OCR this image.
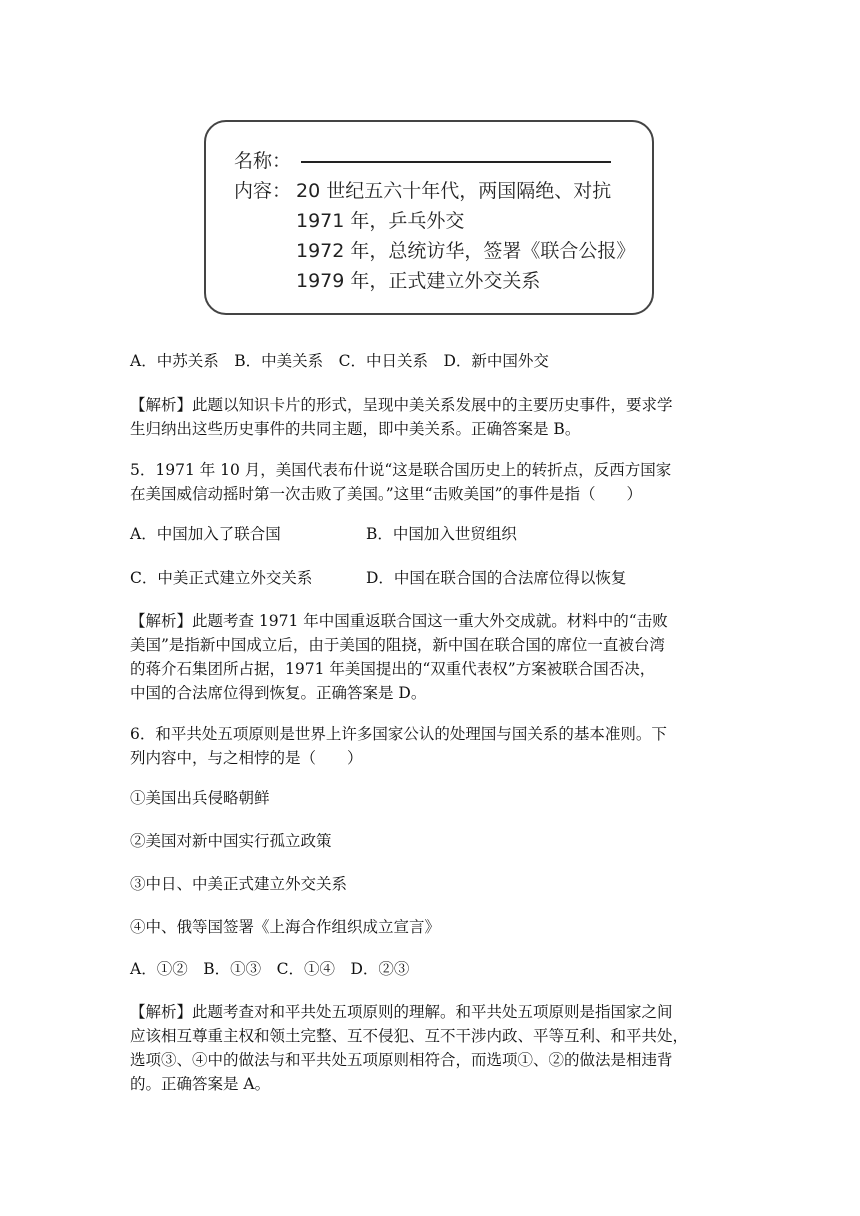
名称：
内容： 20 世纪五六十年代，两国隔绝、对抗
1971 年，乒乓外交
1972 年，总统访华，签署《联合公报》
1979 年，正式建立外交关系
A．中苏关系　B．中美关系　C．中日关系　D．新中国外交
【解析】此题以知识卡片的形式，呈现中美关系发展中的主要历史事件，要求学
生归纳出这些历史事件的共同主题，即中美关系。正确答案是 B。
5．1971 年 10 月，美国代表布什说“这是联合国历史上的转折点，反西方国家
在美国威信动摇时第一次击败了美国。”这里“击败美国”的事件是指（　　）
A．中国加入了联合国	B．中国加入世贸组织
C．中美正式建立外交关系	D．中国在联合国的合法席位得以恢复
【解析】此题考查 1971 年中国重返联合国这一重大外交成就。材料中的“击败
美国”是指新中国成立后，由于美国的阻挠，新中国在联合国的席位一直被台湾
的蒋介石集团所占据，1971 年美国提出的“双重代表权”方案被联合国否决，
中国的合法席位得到恢复。正确答案是 D。
6．和平共处五项原则是世界上许多国家公认的处理国与国关系的基本准则。下
列内容中，与之相悖的是（　　）
①美国出兵侵略朝鲜
②美国对新中国实行孤立政策
③中日、中美正式建立外交关系
④中、俄等国签署《上海合作组织成立宣言》
A．①②　B．①③　C．①④　D．②③
【解析】此题考查对和平共处五项原则的理解。和平共处五项原则是指国家之间
应该相互尊重主权和领土完整、互不侵犯、互不干涉内政、平等互利、和平共处，
选项③、④中的做法与和平共处五项原则相符合，而选项①、②的做法是相违背
的。正确答案是 A。
